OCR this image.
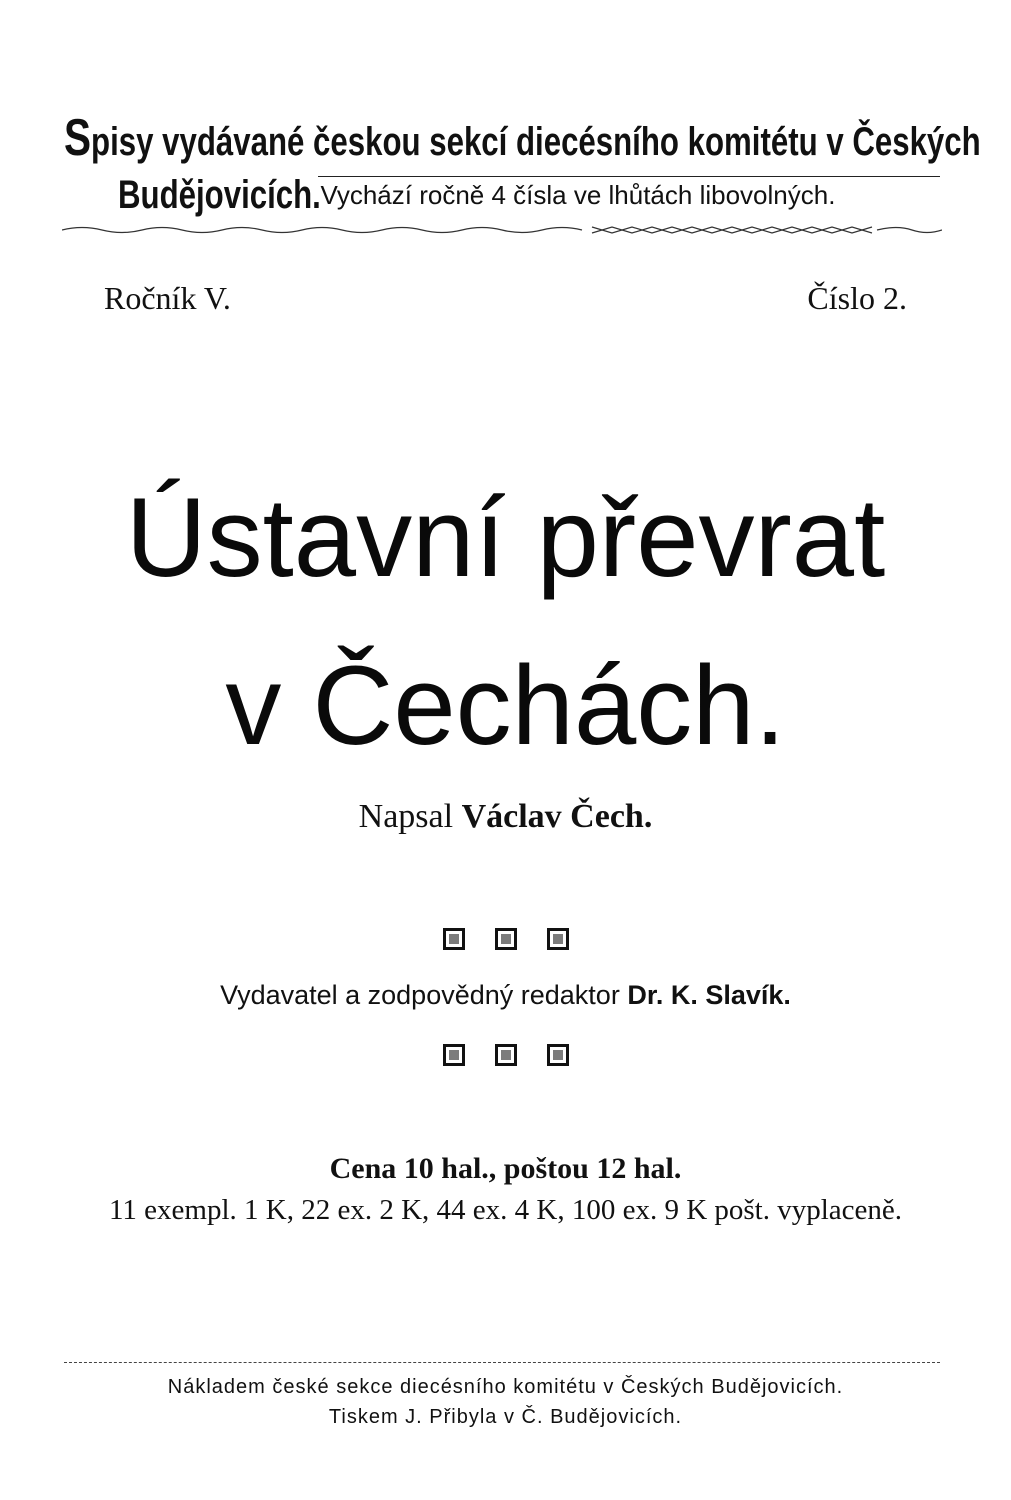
Spisy vydávané českou sekcí diecésního komitétu v Českých
Budějovicích. Vychází ročně 4 čísla ve lhůtách libovolných.
Ročník V.	Číslo 2.
Ústavní převrat
v Čechách.
Napsal Václav Čech.
Vydavatel a zodpovědný redaktor Dr. K. Slavík.
Cena 10 hal., poštou 12 hal.
11 exempl. 1 K, 22 ex. 2 K, 44 ex. 4 K, 100 ex. 9 K pošt. vyplaceně.
Nákladem české sekce diecésního komitétu v Českých Budějovicích.
Tiskem J. Přibyla v Č. Budějovicích.
